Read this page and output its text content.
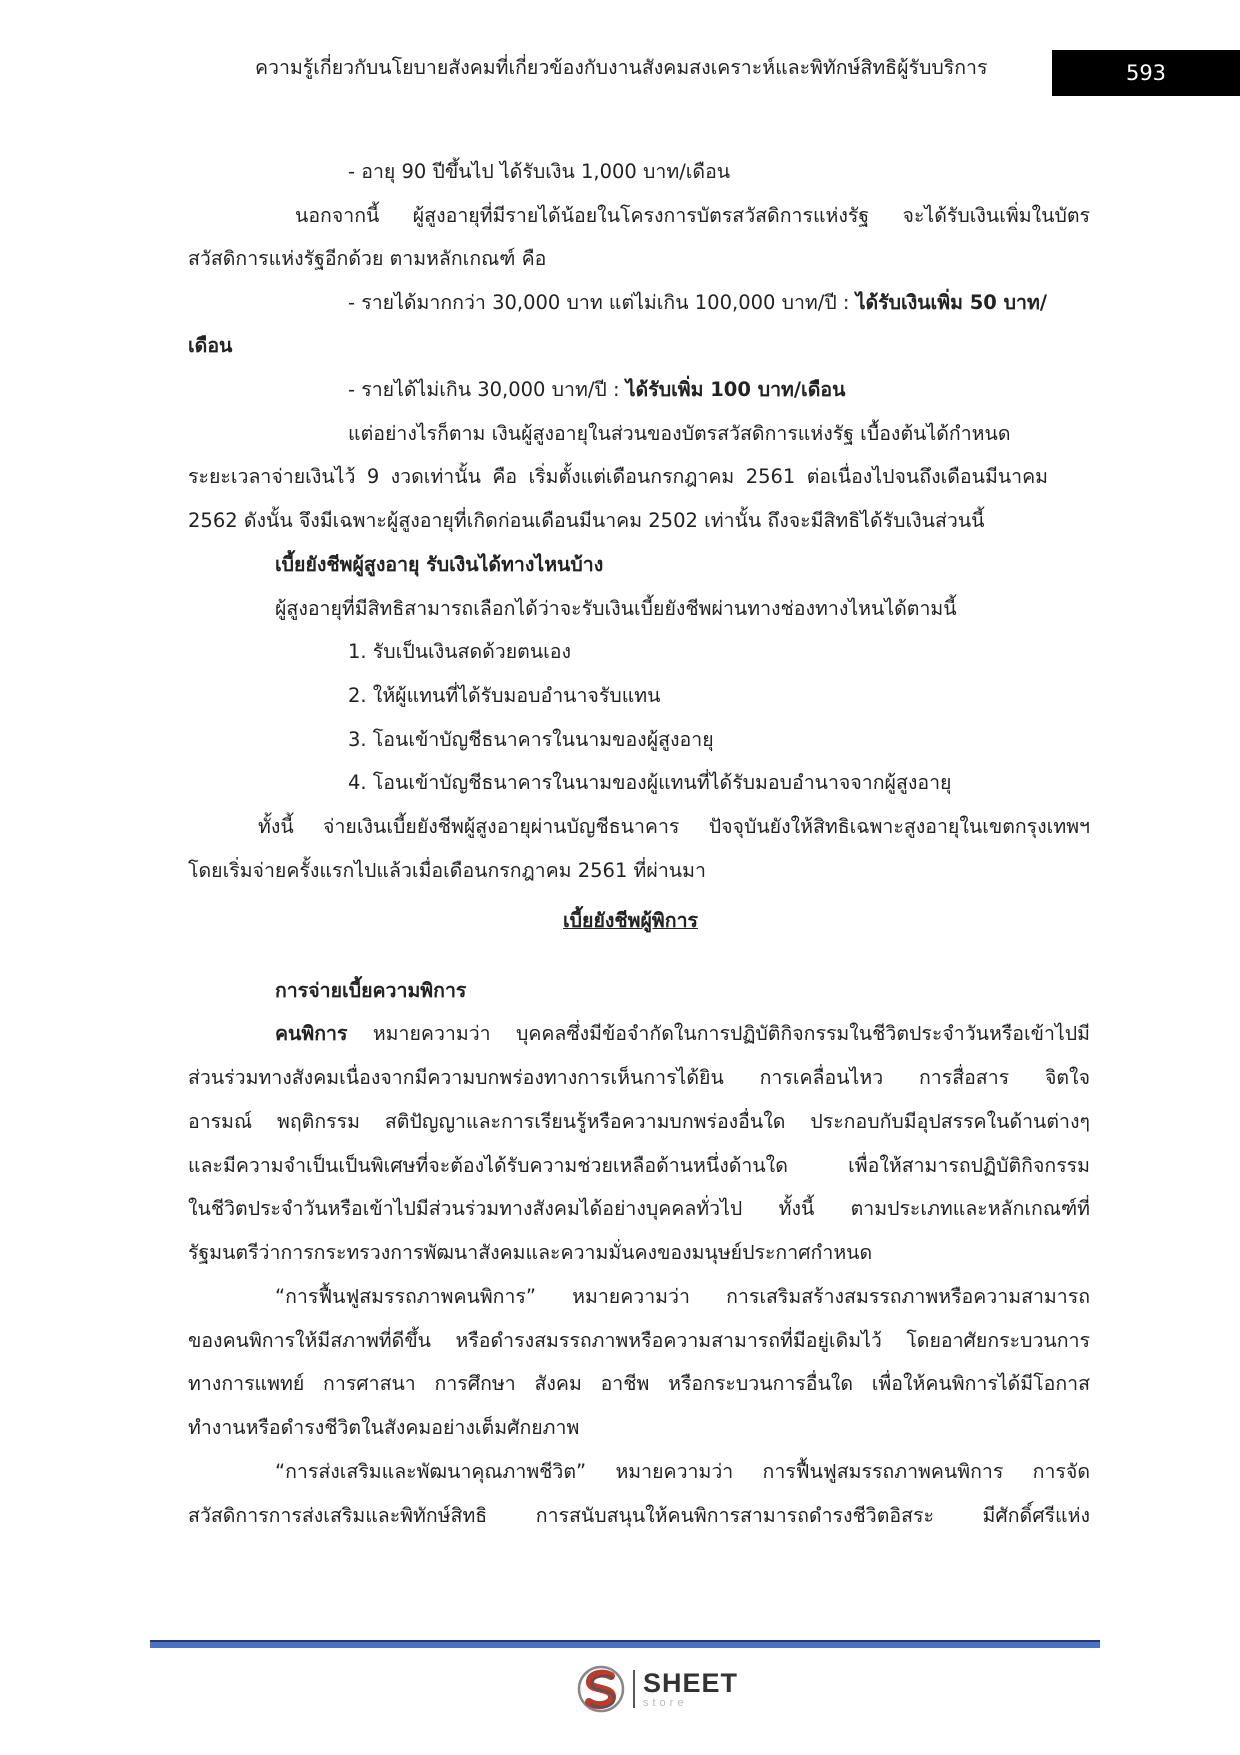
ความรู้เกี่ยวกับนโยบายสังคมที่เกี่ยวข้องกับงานสังคมสงเคราะห์และพิทักษ์สิทธิผู้รับบริการ	593
- อายุ 90 ปีขึ้นไป ได้รับเงิน 1,000 บาท/เดือน
นอกจากนี้ ผู้สูงอายุที่มีรายได้น้อยในโครงการบัตรสวัสดิการแห่งรัฐ จะได้รับเงินเพิ่มในบัตร
สวัสดิการแห่งรัฐอีกด้วย ตามหลักเกณฑ์ คือ
- รายได้มากกว่า 30,000 บาท แต่ไม่เกิน 100,000 บาท/ปี : ได้รับเงินเพิ่ม 50 บาท/
เดือน
- รายได้ไม่เกิน 30,000 บาท/ปี : ได้รับเพิ่ม 100 บาท/เดือน
แต่อย่างไรก็ตาม เงินผู้สูงอายุในส่วนของบัตรสวัสดิการแห่งรัฐ เบื้องต้นได้กำหนด
ระยะเวลาจ่ายเงินไว้ 9 งวดเท่านั้น คือ เริ่มตั้งแต่เดือนกรกฎาคม 2561 ต่อเนื่องไปจนถึงเดือนมีนาคม
2562 ดังนั้น จึงมีเฉพาะผู้สูงอายุที่เกิดก่อนเดือนมีนาคม 2502 เท่านั้น ถึงจะมีสิทธิได้รับเงินส่วนนี้
เบี้ยยังชีพผู้สูงอายุ รับเงินได้ทางไหนบ้าง
ผู้สูงอายุที่มีสิทธิสามารถเลือกได้ว่าจะรับเงินเบี้ยยังชีพผ่านทางช่องทางไหนได้ตามนี้
1. รับเป็นเงินสดด้วยตนเอง
2. ให้ผู้แทนที่ได้รับมอบอำนาจรับแทน
3. โอนเข้าบัญชีธนาคารในนามของผู้สูงอายุ
4. โอนเข้าบัญชีธนาคารในนามของผู้แทนที่ได้รับมอบอำนาจจากผู้สูงอายุ
ทั้งนี้ จ่ายเงินเบี้ยยังชีพผู้สูงอายุผ่านบัญชีธนาคาร ปัจจุบันยังให้สิทธิเฉพาะสูงอายุในเขตกรุงเทพฯ
โดยเริ่มจ่ายครั้งแรกไปแล้วเมื่อเดือนกรกฎาคม 2561 ที่ผ่านมา
เบี้ยยังชีพผู้พิการ
การจ่ายเบี้ยความพิการ
คนพิการ หมายความว่า บุคคลซึ่งมีข้อจำกัดในการปฏิบัติกิจกรรมในชีวิตประจำวันหรือเข้าไปมี
ส่วนร่วมทางสังคมเนื่องจากมีความบกพร่องทางการเห็นการได้ยิน การเคลื่อนไหว การสื่อสาร จิตใจ
อารมณ์ พฤติกรรม สติปัญญาและการเรียนรู้หรือความบกพร่องอื่นใด ประกอบกับมีอุปสรรคในด้านต่างๆ
และมีความจำเป็นเป็นพิเศษที่จะต้องได้รับความช่วยเหลือด้านหนึ่งด้านใด เพื่อให้สามารถปฏิบัติกิจกรรม
ในชีวิตประจำวันหรือเข้าไปมีส่วนร่วมทางสังคมได้อย่างบุคคลทั่วไป ทั้งนี้ ตามประเภทและหลักเกณฑ์ที่
รัฐมนตรีว่าการกระทรวงการพัฒนาสังคมและความมั่นคงของมนุษย์ประกาศกำหนด
“การฟื้นฟูสมรรถภาพคนพิการ” หมายความว่า การเสริมสร้างสมรรถภาพหรือความสามารถ
ของคนพิการให้มีสภาพที่ดีขึ้น หรือดำรงสมรรถภาพหรือความสามารถที่มีอยู่เดิมไว้ โดยอาศัยกระบวนการ
ทางการแพทย์ การศาสนา การศึกษา สังคม อาชีพ หรือกระบวนการอื่นใด เพื่อให้คนพิการได้มีโอกาส
ทำงานหรือดำรงชีวิตในสังคมอย่างเต็มศักยภาพ
“การส่งเสริมและพัฒนาคุณภาพชีวิต” หมายความว่า การฟื้นฟูสมรรถภาพคนพิการ การจัด
สวัสดิการการส่งเสริมและพิทักษ์สิทธิ การสนับสนุนให้คนพิการสามารถดำรงชีวิตอิสระ มีศักดิ์ศรีแห่ง
SHEET
store
